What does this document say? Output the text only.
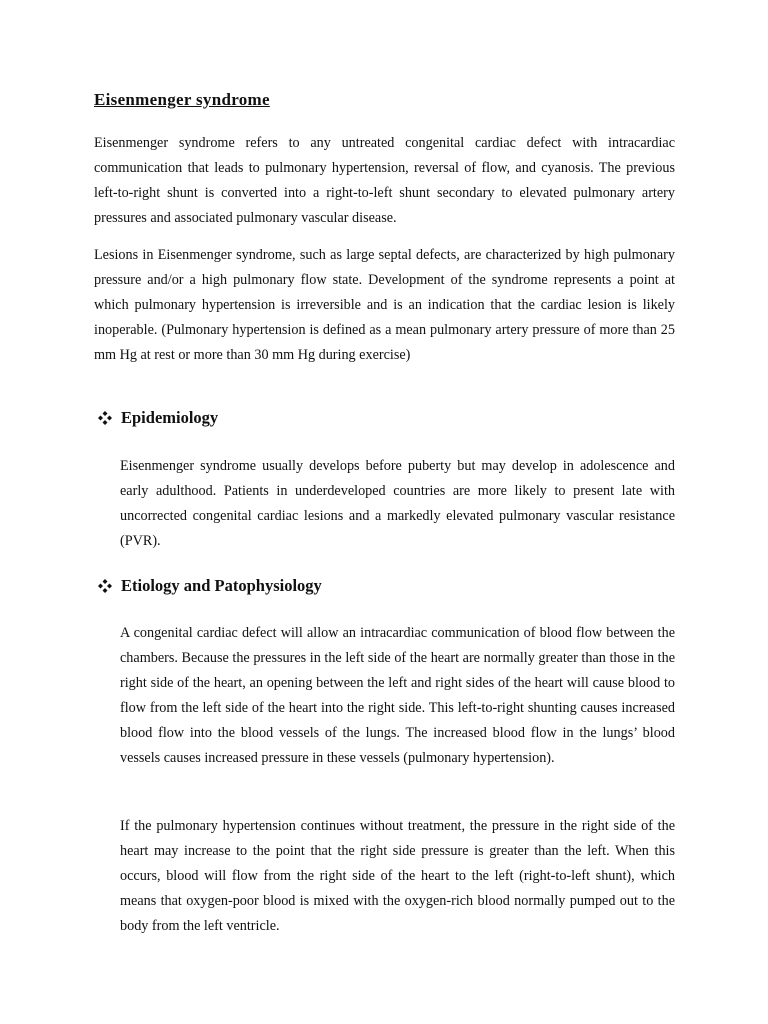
Eisenmenger syndrome

Eisenmenger syndrome refers to any untreated congenital cardiac defect with intracardiac communication that leads to pulmonary hypertension, reversal of flow, and cyanosis. The previous left-to-right shunt is converted into a right-to-left shunt secondary to elevated pulmonary artery pressures and associated pulmonary vascular disease.

Lesions in Eisenmenger syndrome, such as large septal defects, are characterized by high pulmonary pressure and/or a high pulmonary flow state. Development of the syndrome represents a point at which pulmonary hypertension is irreversible and is an indication that the cardiac lesion is likely inoperable. (Pulmonary hypertension is defined as a mean pulmonary artery pressure of more than 25 mm Hg at rest or more than 30 mm Hg during exercise)

Epidemiology

Eisenmenger syndrome usually develops before puberty but may develop in adolescence and early adulthood. Patients in underdeveloped countries are more likely to present late with uncorrected congenital cardiac lesions and a markedly elevated pulmonary vascular resistance (PVR).

Etiology and Patophysiology

A congenital cardiac defect will allow an intracardiac communication of blood flow between the chambers. Because the pressures in the left side of the heart are normally greater than those in the right side of the heart, an opening between the left and right sides of the heart will cause blood to flow from the left side of the heart into the right side. This left-to-right shunting causes increased blood flow into the blood vessels of the lungs. The increased blood flow in the lungs’ blood vessels causes increased pressure in these vessels (pulmonary hypertension).

If the pulmonary hypertension continues without treatment, the pressure in the right side of the heart may increase to the point that the right side pressure is greater than the left. When this occurs, blood will flow from the right side of the heart to the left (right-to-left shunt), which means that oxygen-poor blood is mixed with the oxygen-rich blood normally pumped out to the body from the left ventricle.
